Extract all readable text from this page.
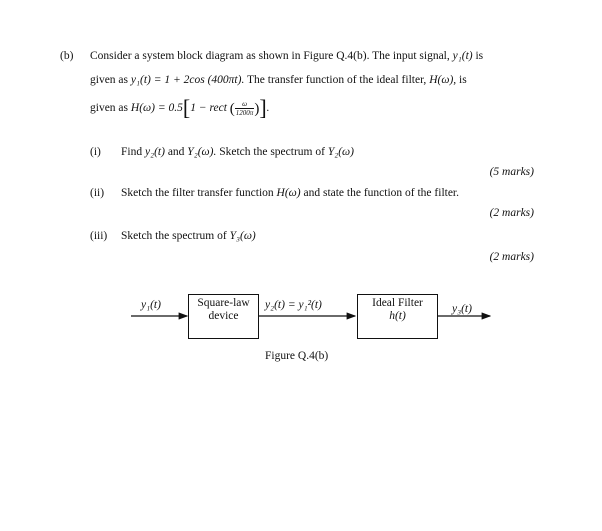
(b) Consider a system block diagram as shown in Figure Q.4(b). The input signal, y₁(t) is
given as y₁(t) = 1 + 2cos (400πt). The transfer function of the ideal filter, H(ω), is
given as H(ω) = 0.5[1 − rect ( $\frac{\omega}{1200\pi}$ )].
(i) Find y₂(t) and Y₂(ω). Sketch the spectrum of Y₂(ω)
(5 marks)
(ii) Sketch the filter transfer function H(ω) and state the function of the filter.
(2 marks)
(iii) Sketch the spectrum of Y₃(ω)
(2 marks)
y₁(t)	Square-law
device
y₂(t) = y₁²(t)	Ideal Filter
h(t)
y₃(t)
Figure Q.4(b)
